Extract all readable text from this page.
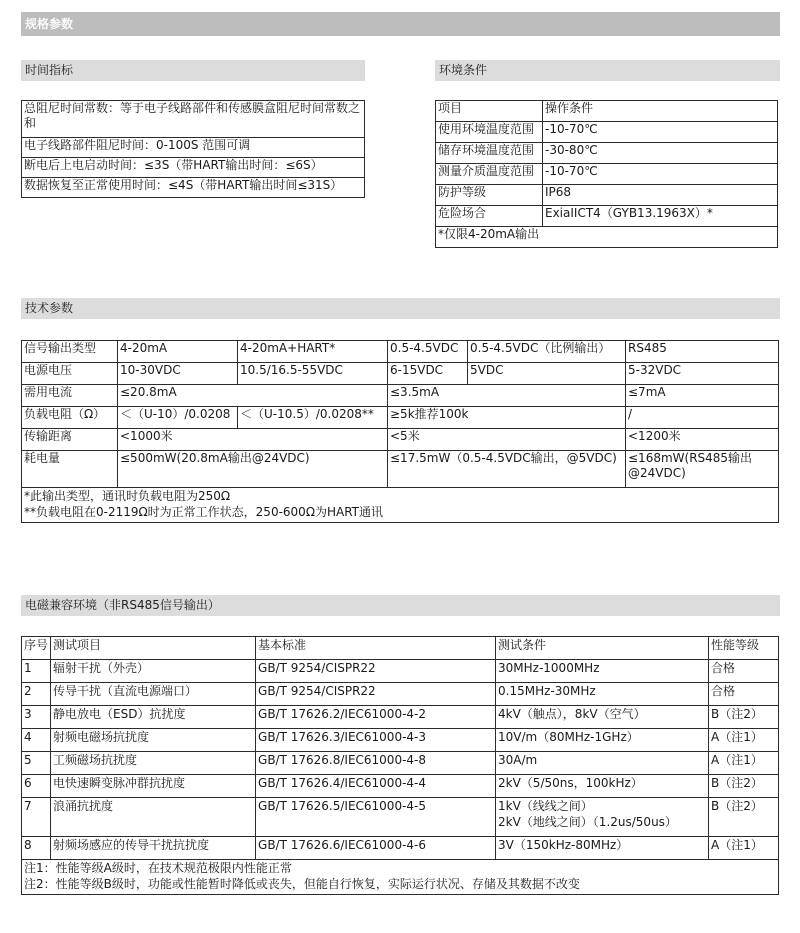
规格参数
时间指标
总阻尼时间常数：等于电子线路部件和传感膜盒阻尼时间常数之和
电子线路部件阻尼时间：0-100S 范围可调
断电后上电启动时间：≤3S（带HART输出时间：≤6S）
数据恢复至正常使用时间：≤4S（带HART输出时间≤31S）
环境条件
项目	操作条件
使用环境温度范围	-10-70℃
储存环境温度范围	-30-80℃
测量介质温度范围	-10-70℃
防护等级	IP68
危险场合	ExiaIICT4（GYB13.1963X）*
*仅限4-20mA输出	
技术参数
信号输出类型	4-20mA	4-20mA+HART*	0.5-4.5VDC	0.5-4.5VDC（比例输出）	RS485
电源电压	10-30VDC	10.5/16.5-55VDC	6-15VDC	5VDC	5-32VDC
需用电流	≤20.8mA		≤3.5mA		≤7mA
负载电阻（Ω）	＜（U-10）/0.0208	＜（U-10.5）/0.0208**	≥5k推荐100k		/
传输距离	<1000米		<5米		<1200米
耗电量	≤500mW(20.8mA输出@24VDC)		≤17.5mW（0.5-4.5VDC输出，@5VDC)		≤168mW(RS485输出@24VDC)

*此输出类型，通讯时负载电阻为250Ω
**负载电阻在0-2119Ω时为正常工作状态，250-600Ω为HART通讯					
电磁兼容环境（非RS485信号输出）
序号	测试项目	基本标准	测试条件	性能等级
1	辐射干扰（外壳）	GB/T 9254/CISPR22	30MHz-1000MHz	合格
2	传导干扰（直流电源端口）	GB/T 9254/CISPR22	0.15MHz-30MHz	合格
3	静电放电（ESD）抗扰度	GB/T 17626.2/IEC61000-4-2	4kV（触点），8kV（空气）	B（注2）
4	射频电磁场抗扰度	GB/T 17626.3/IEC61000-4-3	10V/m（80MHz-1GHz）	A（注1）
5	工频磁场抗扰度	GB/T 17626.8/IEC61000-4-8	30A/m	A（注1）
6	电快速瞬变脉冲群抗扰度	GB/T 17626.4/IEC61000-4-4	2kV（5/50ns，100kHz）	B（注2）
7	浪涌抗扰度	GB/T 17626.5/IEC61000-4-5	1kV（线线之间）
2kV（地线之间）（1.2us/50us）	B（注2）
8	射频场感应的传导干扰抗扰度	GB/T 17626.6/IEC61000-4-6	3V（150kHz-80MHz）	A（注1）

注1：性能等级A级时，在技术规范极限内性能正常
注2：性能等级B级时，功能或性能暂时降低或丧失，但能自行恢复，实际运行状况、存储及其数据不改变				
